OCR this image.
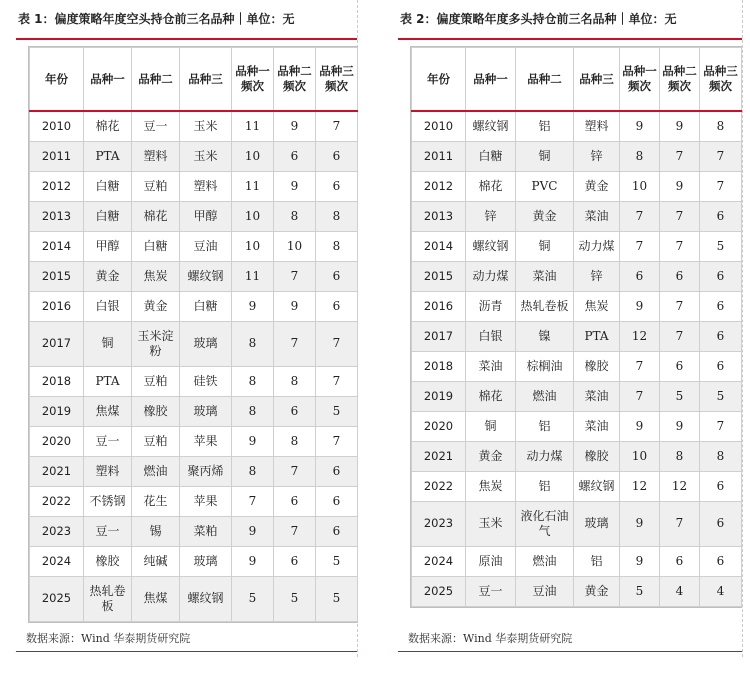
表 1：偏度策略年度空头持仓前三名品种｜单位：无
年份	品种一	品种二	品种三	品种一频次	品种二频次	品种三频次
2010	棉花	豆一	玉米	11	9	7
2011	PTA	塑料	玉米	10	6	6
2012	白糖	豆粕	塑料	11	9	6
2013	白糖	棉花	甲醇	10	8	8
2014	甲醇	白糖	豆油	10	10	8
2015	黄金	焦炭	螺纹钢	11	7	6
2016	白银	黄金	白糖	9	9	6
2017	铜	玉米淀粉	玻璃	8	7	7
2018	PTA	豆粕	硅铁	8	8	7
2019	焦煤	橡胶	玻璃	8	6	5
2020	豆一	豆粕	苹果	9	8	7
2021	塑料	燃油	聚丙烯	8	7	6
2022	不锈钢	花生	苹果	7	6	6
2023	豆一	锡	菜粕	9	7	6
2024	橡胶	纯碱	玻璃	9	6	5
2025	热轧卷板	焦煤	螺纹钢	5	5	5
数据来源：Wind 华泰期货研究院
表 2：偏度策略年度多头持仓前三名品种｜单位：无
年份	品种一	品种二	品种三	品种一频次	品种二频次	品种三频次
2010	螺纹钢	铝	塑料	9	9	8
2011	白糖	铜	锌	8	7	7
2012	棉花	PVC	黄金	10	9	7
2013	锌	黄金	菜油	7	7	6
2014	螺纹钢	铜	动力煤	7	7	5
2015	动力煤	菜油	锌	6	6	6
2016	沥青	热轧卷板	焦炭	9	7	6
2017	白银	镍	PTA	12	7	6
2018	菜油	棕榈油	橡胶	7	6	6
2019	棉花	燃油	菜油	7	5	5
2020	铜	铝	菜油	9	9	7
2021	黄金	动力煤	橡胶	10	8	8
2022	焦炭	铝	螺纹钢	12	12	6
2023	玉米	液化石油气	玻璃	9	7	6
2024	原油	燃油	铝	9	6	6
2025	豆一	豆油	黄金	5	4	4
数据来源：Wind 华泰期货研究院
